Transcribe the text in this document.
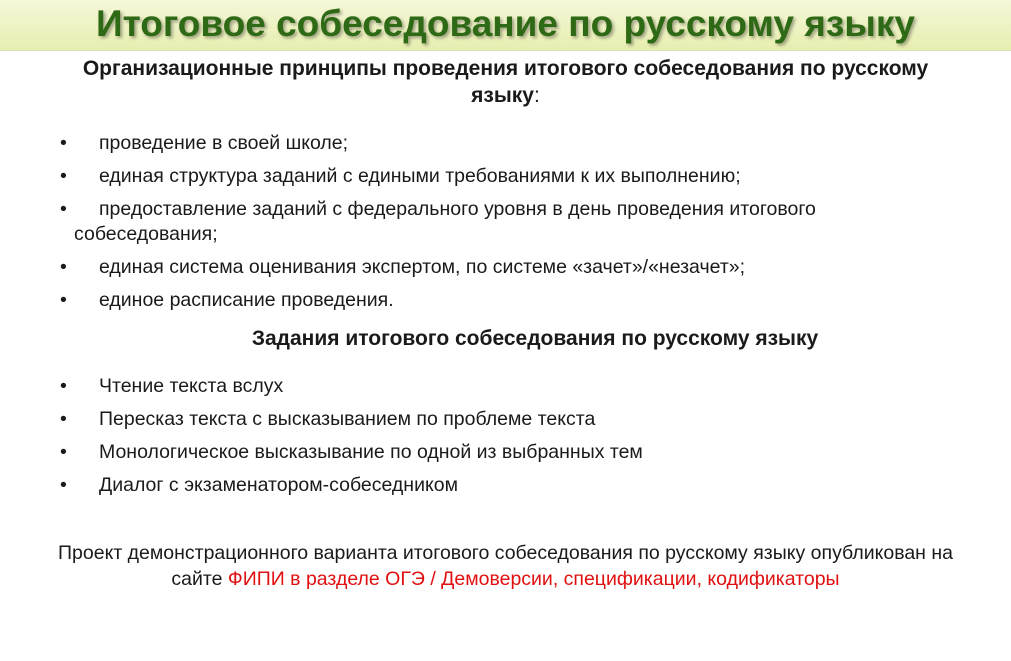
Итоговое собеседование по русскому языку
Организационные принципы проведения итогового собеседования по русскому языку:
•	проведение в своей школе;
•	единая структура заданий с едиными требованиями к их выполнению;
•	предоставление заданий с федерального уровня в день проведения итогового собеседования;
•	единая система оценивания экспертом, по системе «зачет»/«незачет»;
•	единое расписание проведения.
Задания итогового собеседования по русскому языку
•	Чтение текста вслух
•	Пересказ текста с высказыванием по проблеме текста
•	Монологическое высказывание по одной из выбранных тем
•	Диалог с экзаменатором-собеседником
Проект демонстрационного варианта итогового собеседования по русскому языку опубликован на сайте ФИПИ в разделе ОГЭ / Демоверсии, спецификации, кодификаторы
